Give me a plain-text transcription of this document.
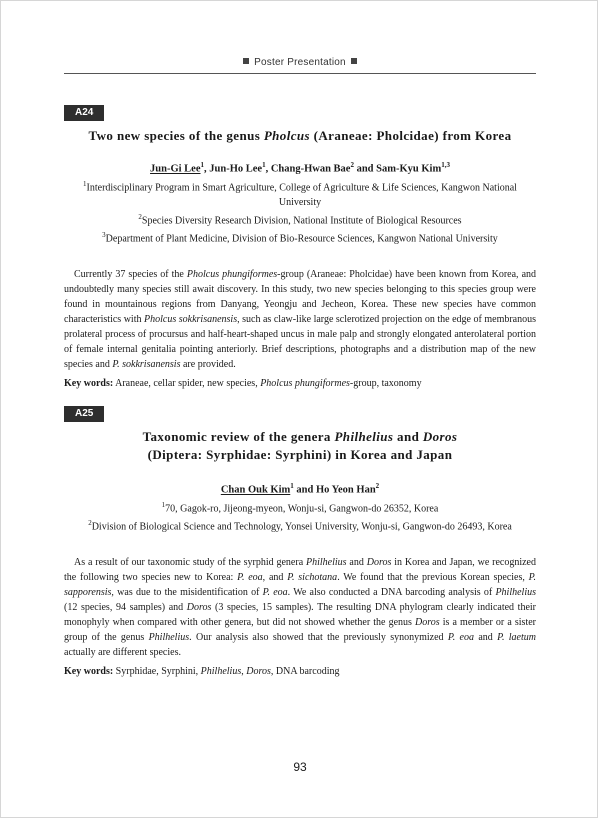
Poster Presentation
A24

Two new species of the genus Pholcus (Araneae: Pholcidae) from Korea

Jun-Gi Lee$^1$, Jun-Ho Lee$^1$, Chang-Hwan Bae$^2$ and Sam-Kyu Kim$^{1,3}$

$^1$Interdisciplinary Program in Smart Agriculture, College of Agriculture & Life Sciences, Kangwon National University
$^2$Species Diversity Research Division, National Institute of Biological Resources
$^3$Department of Plant Medicine, Division of Bio-Resource Sciences, Kangwon National University

Currently 37 species of the Pholcus phungiformes-group (Araneae: Pholcidae) have been known from Korea, and undoubtedly many species still await discovery. In this study, two new species belonging to this species group were found in mountainous regions from Danyang, Yeongju and Jecheon, Korea. These new species have common characteristics with Pholcus sokkrisanensis, such as claw-like large sclerotized projection on the edge of membranous prolateral process of procursus and half-heart-shaped uncus in male palp and strongly elongated anterolateral portion of female internal genitalia pointing anteriorly. Brief descriptions, photographs and a distribution map of the new species and P. sokkrisanensis are provided.

Key words: Araneae, cellar spider, new species, Pholcus phungiformes-group, taxonomy

A25

Taxonomic review of the genera Philhelius and Doros
(Diptera: Syrphidae: Syrphini) in Korea and Japan

Chan Ouk Kim$^1$ and Ho Yeon Han$^2$

$^1$70, Gagok-ro, Jijeong-myeon, Wonju-si, Gangwon-do 26352, Korea
$^2$Division of Biological Science and Technology, Yonsei University, Wonju-si, Gangwon-do 26493, Korea

As a result of our taxonomic study of the syrphid genera Philhelius and Doros in Korea and Japan, we recognized the following two species new to Korea: P. eoa, and P. sichotana. We found that the previous Korean species, P. sapporensis, was due to the misidentification of P. eoa. We also conducted a DNA barcoding analysis of Philhelius (12 species, 94 samples) and Doros (3 species, 15 samples). The resulting DNA phylogram clearly indicated their monophyly when compared with other genera, but did not showed whether the genus Doros is a member or a sister group of the genus Philhelius. Our analysis also showed that the previously synonymized P. eoa and P. laetum actually are different species.

Key words: Syrphidae, Syrphini, Philhelius, Doros, DNA barcoding

93
